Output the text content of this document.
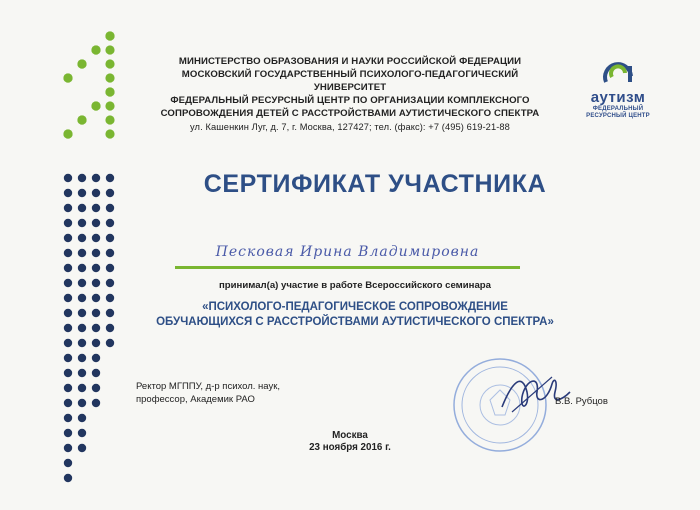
МИНИСТЕРСТВО ОБРАЗОВАНИЯ И НАУКИ РОССИЙСКОЙ ФЕДЕРАЦИИ
МОСКОВСКИЙ ГОСУДАРСТВЕННЫЙ ПСИХОЛОГО-ПЕДАГОГИЧЕСКИЙ УНИВЕРСИТЕТ
ФЕДЕРАЛЬНЫЙ РЕСУРСНЫЙ ЦЕНТР ПО ОРГАНИЗАЦИИ КОМПЛЕКСНОГО
СОПРОВОЖДЕНИЯ ДЕТЕЙ С РАССТРОЙСТВАМИ АУТИСТИЧЕСКОГО СПЕКТРА
ул. Кашенкин Луг, д. 7, г. Москва, 127427; тел. (факс): +7 (495) 619-21-88
аутизм
ФЕДЕРАЛЬНЫЙ
РЕСУРСНЫЙ ЦЕНТР
СЕРТИФИКАТ УЧАСТНИКА
Песковая Ирина Владимировна
принимал(а) участие в работе Всероссийского семинара
«ПСИХОЛОГО-ПЕДАГОГИЧЕСКОЕ СОПРОВОЖДЕНИЕ
ОБУЧАЮЩИХСЯ С РАССТРОЙСТВАМИ АУТИСТИЧЕСКОГО СПЕКТРА»
Ректор МГППУ, д-р психол. наук,
профессор, Академик РАО	В.В. Рубцов
Москва
23 ноября 2016 г.
